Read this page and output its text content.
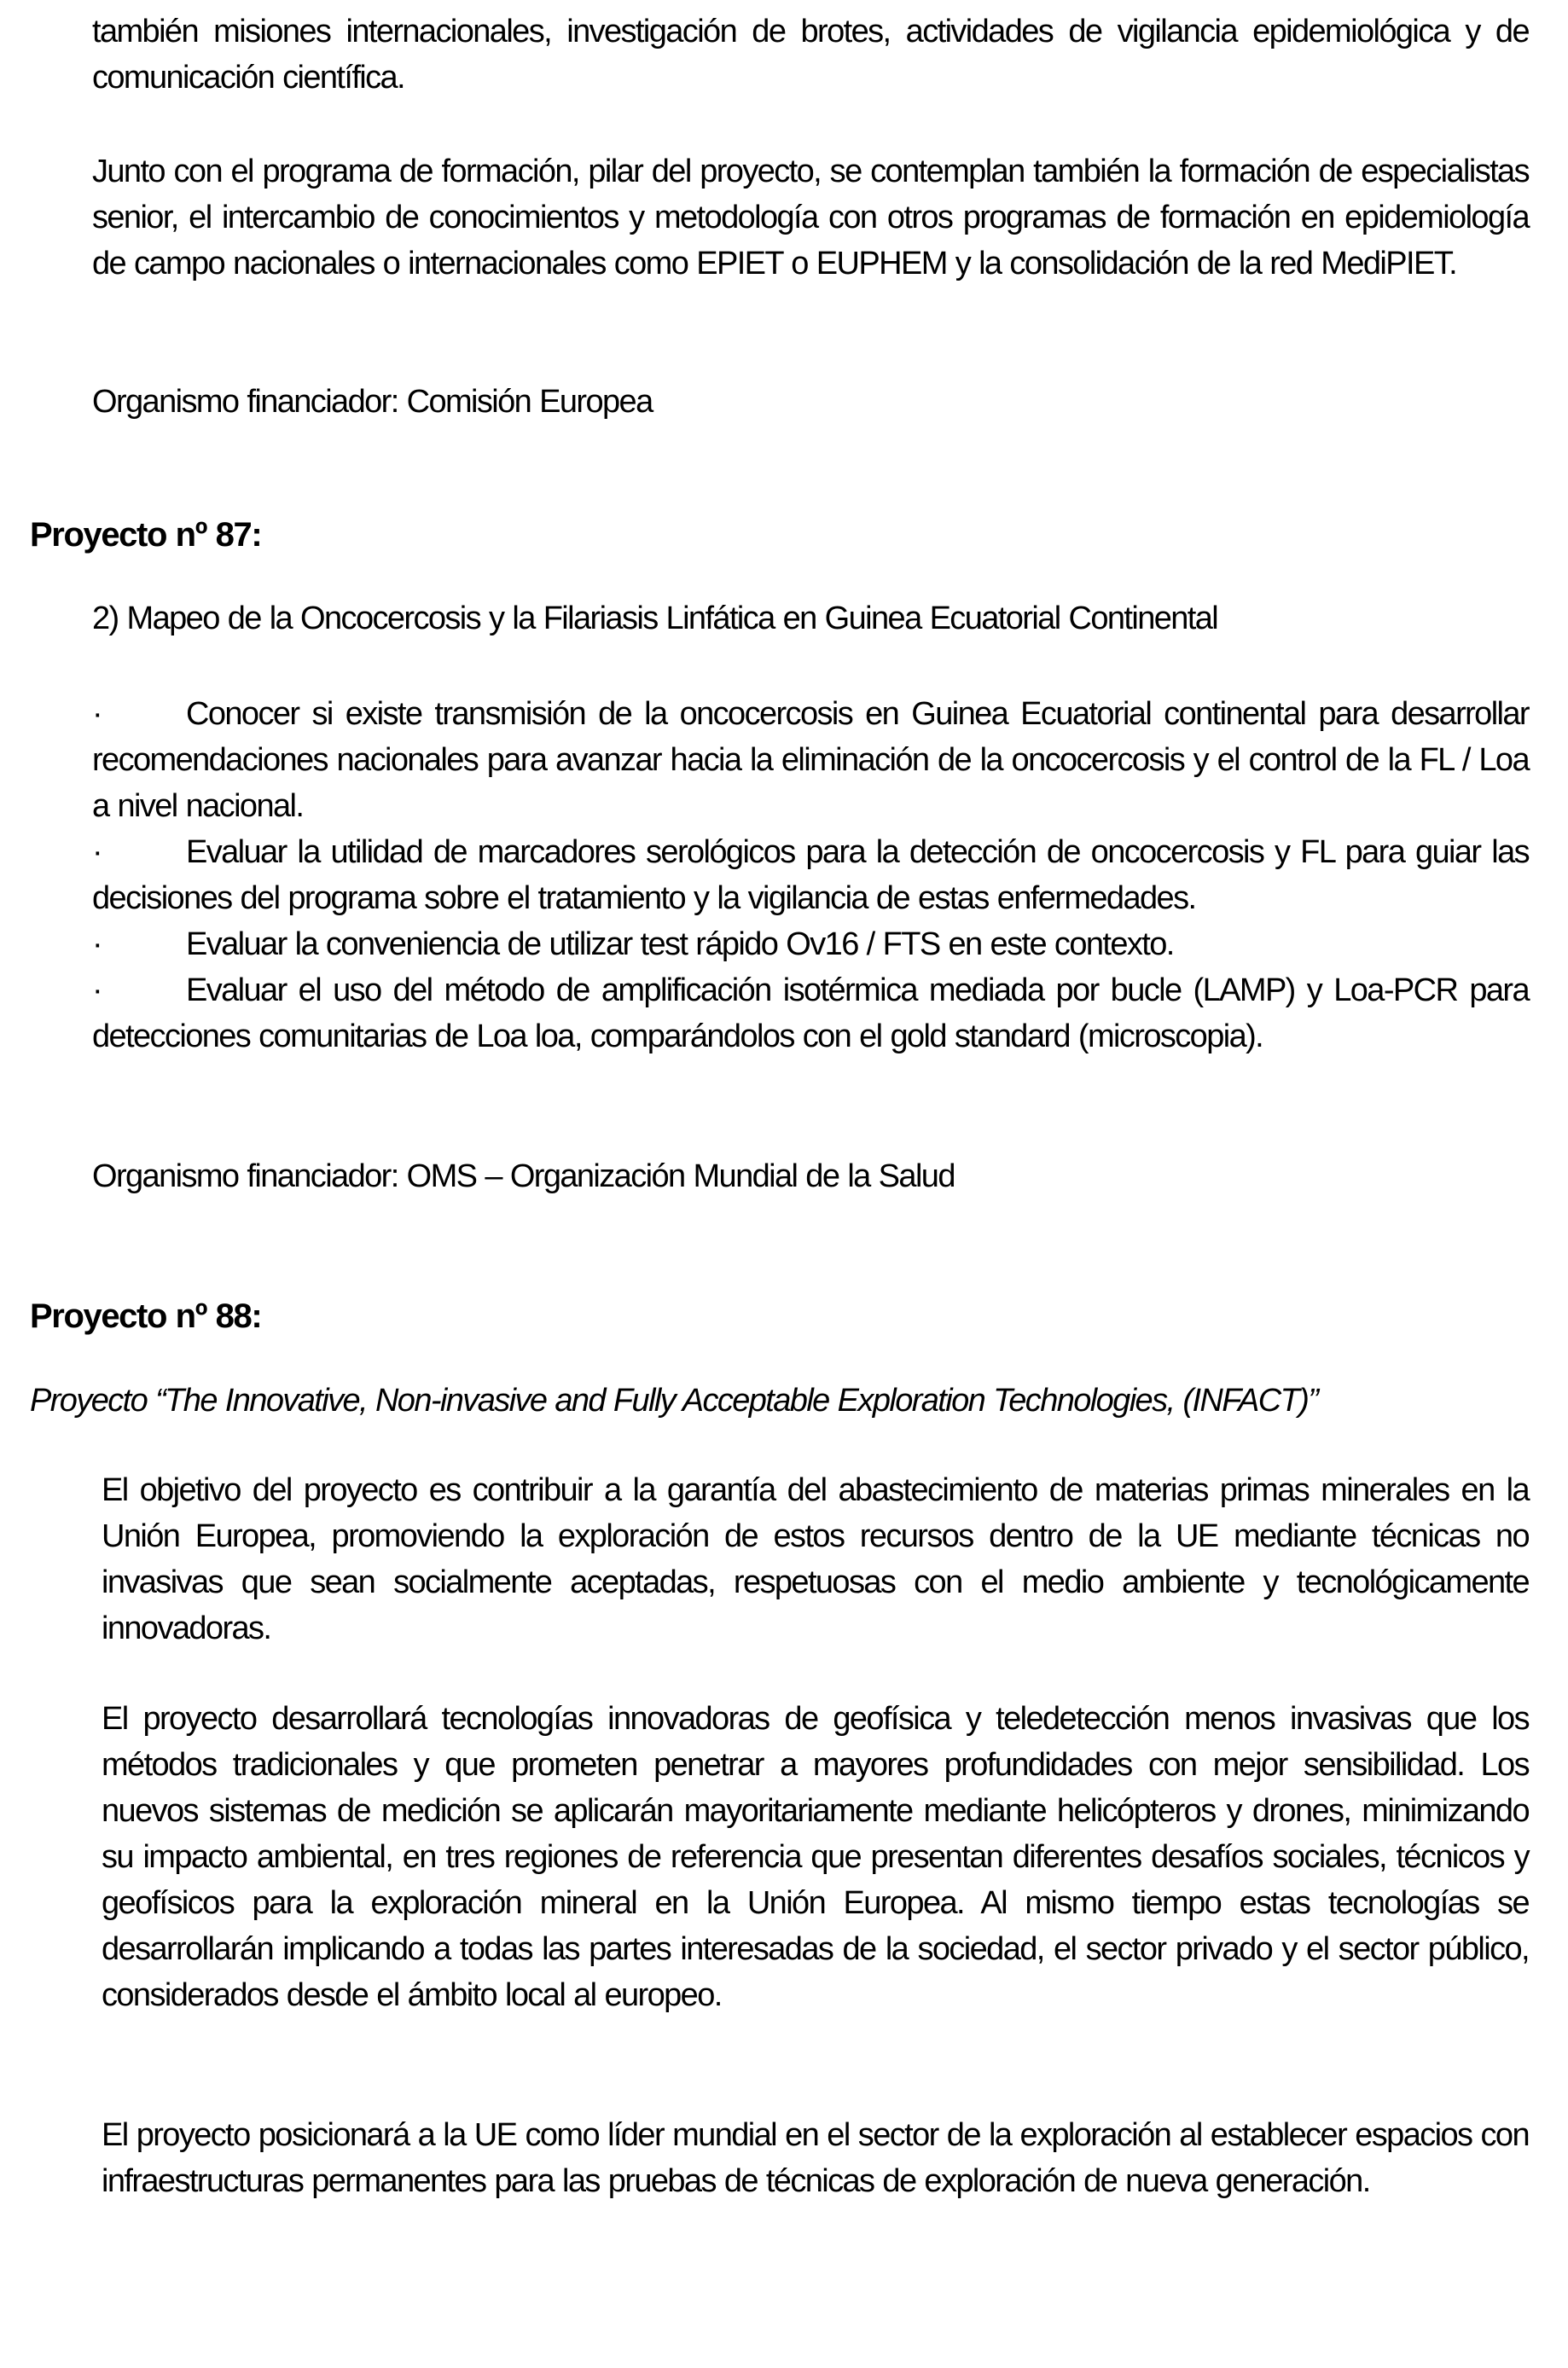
también misiones internacionales, investigación de brotes, actividades de vigilancia epidemiológica y de comunicación científica.
Junto con el programa de formación, pilar del proyecto, se contemplan también la formación de especialistas senior, el intercambio de conocimientos y metodología con otros programas de formación en epidemiología de campo nacionales o internacionales como EPIET o EUPHEM y la consolidación de la red MediPIET.
Organismo financiador: Comisión Europea
Proyecto nº 87:
2) Mapeo de la Oncocercosis y la Filariasis Linfática en Guinea Ecuatorial Continental
·	Conocer si existe transmisión de la oncocercosis en Guinea Ecuatorial continental para desarrollar recomendaciones nacionales para avanzar hacia la eliminación de la oncocercosis y el control de la FL / Loa a nivel nacional.
·	Evaluar la utilidad de marcadores serológicos para la detección de oncocercosis y FL para guiar las decisiones del programa sobre el tratamiento y la vigilancia de estas enfermedades.
·	Evaluar la conveniencia de utilizar test rápido Ov16 / FTS en este contexto.
·	Evaluar el uso del método de amplificación isotérmica mediada por bucle (LAMP) y Loa-PCR para detecciones comunitarias de Loa loa, comparándolos con el gold standard (microscopia).
Organismo financiador: OMS – Organización Mundial de la Salud
Proyecto nº 88:
Proyecto “The Innovative, Non-invasive and Fully Acceptable Exploration Technologies, (INFACT)”
El objetivo del proyecto es contribuir a la garantía del abastecimiento de materias primas minerales en la Unión Europea, promoviendo la exploración de estos recursos dentro de la UE mediante técnicas no invasivas que sean socialmente aceptadas, respetuosas con el medio ambiente y tecnológicamente innovadoras.
El proyecto desarrollará tecnologías innovadoras de geofísica y teledetección menos invasivas que los métodos tradicionales y que prometen penetrar a mayores profundidades con mejor sensibilidad. Los nuevos sistemas de medición se aplicarán mayoritariamente mediante helicópteros y drones, minimizando su impacto ambiental, en tres regiones de referencia que presentan diferentes desafíos sociales, técnicos y geofísicos para la exploración mineral en la Unión Europea. Al mismo tiempo estas tecnologías se desarrollarán implicando a todas las partes interesadas de la sociedad, el sector privado y el sector público, considerados desde el ámbito local al europeo.
El proyecto posicionará a la UE como líder mundial en el sector de la exploración al establecer espacios con infraestructuras permanentes para las pruebas de técnicas de exploración de nueva generación.
